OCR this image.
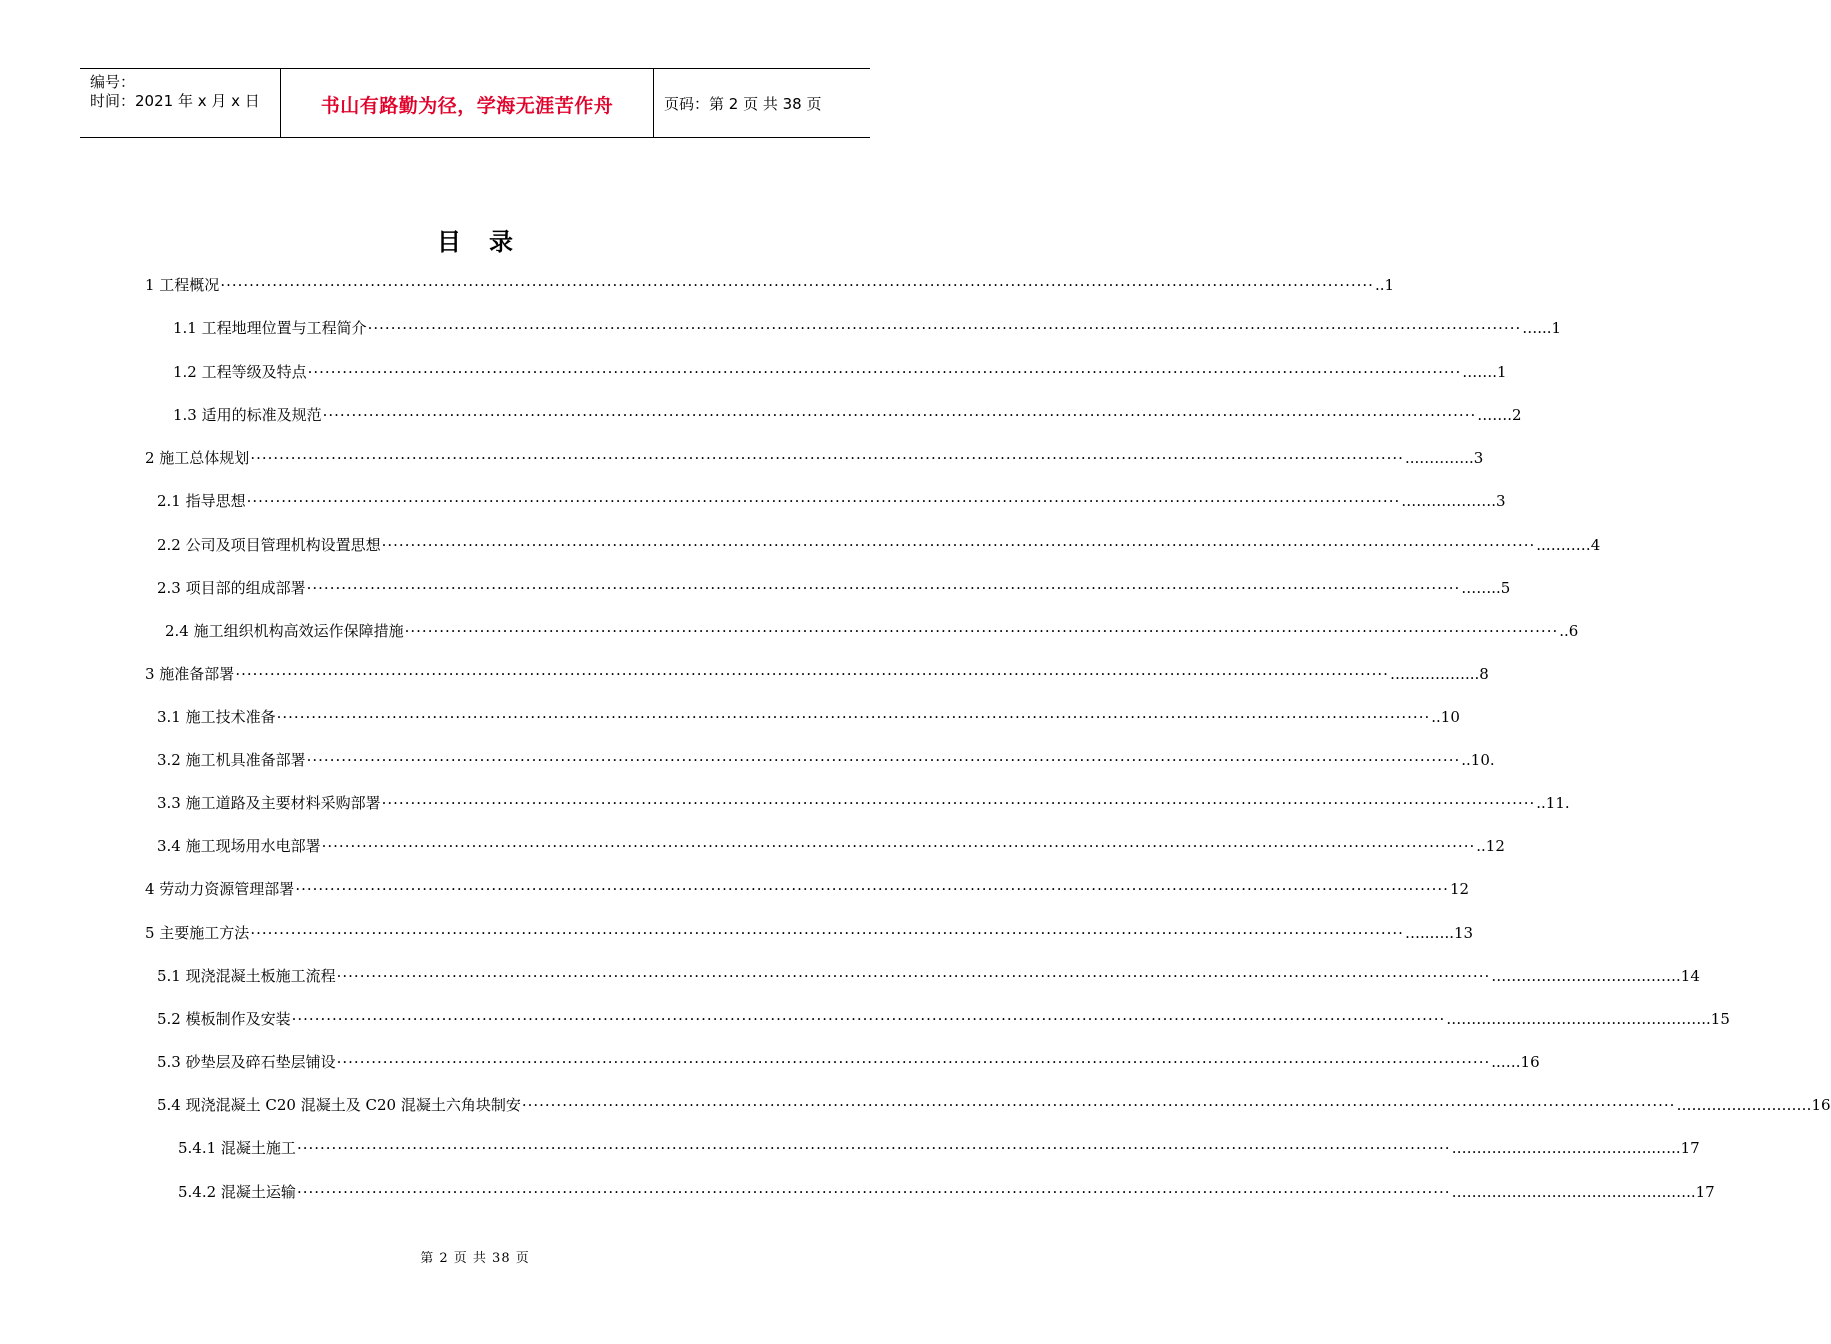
编号：
时间：2021 年 x 月 x 日	书山有路勤为径，学海无涯苦作舟	页码：第 2 页 共 38 页
目录
1 工程概况 ········································································································································································································ ..1
1.1 工程地理位置与工程简介 ········································································································································································································ …...1
1.2 工程等级及特点 ········································································································································································································ …….1
1.3 适用的标准及规范 ········································································································································································································ …….2
2 施工总体规划 ········································································································································································································ ...………..3
2.1 指导思想 ········································································································································································································ ……………….3
2.2 公司及项目管理机构设置思想 ········································································································································································································ ..………4
2.3 项目部的组成部署 ········································································································································································································ ……..5
2.4 施工组织机构高效运作保障措施 ········································································································································································································ ..6
3 施准备部署 ········································································································································································································ ……………...8
3.1 施工技术准备 ········································································································································································································ ..10
3.2 施工机具准备部署 ········································································································································································································ ..10.
3.3 施工道路及主要材料采购部署 ········································································································································································································ ..11.
3.4 施工现场用水电部署 ········································································································································································································ ..12
4 劳动力资源管理部署 ········································································································································································································ 12
5 主要施工方法 ········································································································································································································ …..…..13
5.1 现浇混凝土板施工流程 ········································································································································································································ ………………………….…….14
5.2 模板制作及安装 ········································································································································································································ ……………………………………………..15
5.3 砂垫层及碎石垫层铺设 ········································································································································································································ ..….16
5.4 现浇混凝土 C20 混凝土及 C20 混凝土六角块制安 ········································································································································································································ ………………………16
5.4.1 混凝土施工 ········································································································································································································ …………………………………..…..17
5.4.2 混凝土运输 ········································································································································································································ ……………………………………..…..17
第 2 页 共 38 页
